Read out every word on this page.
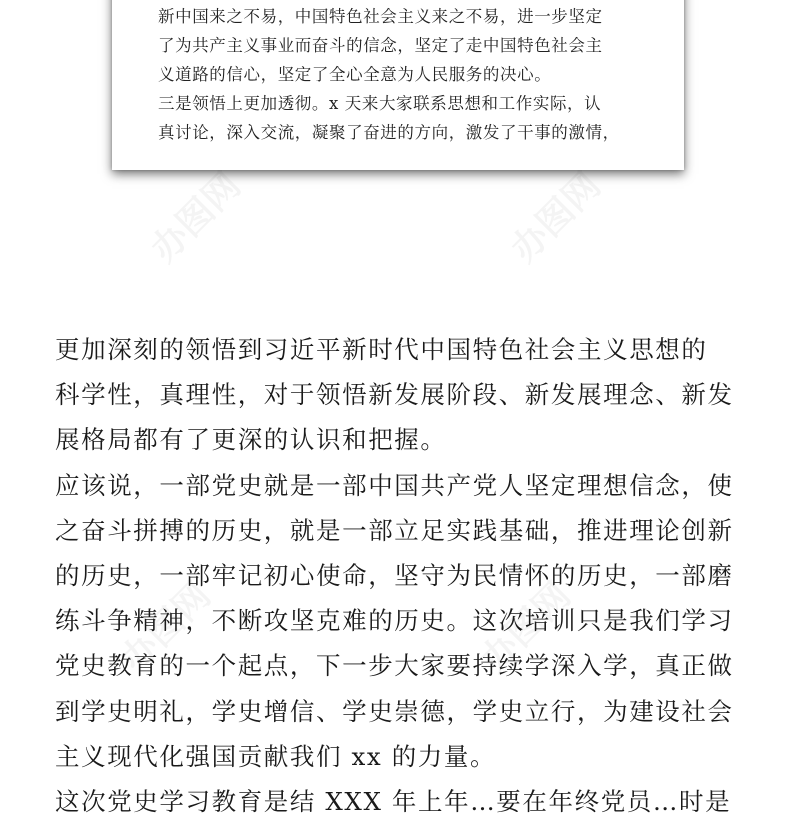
新中国来之不易，中国特色社会主义来之不易，进一步坚定

了为共产主义事业而奋斗的信念，坚定了走中国特色社会主

义道路的信心，坚定了全心全意为人民服务的决心。

三是领悟上更加透彻。x 天来大家联系思想和工作实际，认

真讨论，深入交流，凝聚了奋进的方向，激发了干事的激情，

更加深刻的领悟到习近平新时代中国特色社会主义思想的

科学性，真理性，对于领悟新发展阶段、新发展理念、新发

展格局都有了更深的认识和把握。

应该说，一部党史就是一部中国共产党人坚定理想信念，使

之奋斗拼搏的历史，就是一部立足实践基础，推进理论创新

的历史，一部牢记初心使命，坚守为民情怀的历史，一部磨

练斗争精神，不断攻坚克难的历史。这次培训只是我们学习

党史教育的一个起点，下一步大家要持续学深入学，真正做

到学史明礼，学史增信、学史崇德，学史立行，为建设社会

主义现代化强国贡献我们 xx 的力量。

这次党史学习教育是结 XXX 年上年…要在年终党员…时是
